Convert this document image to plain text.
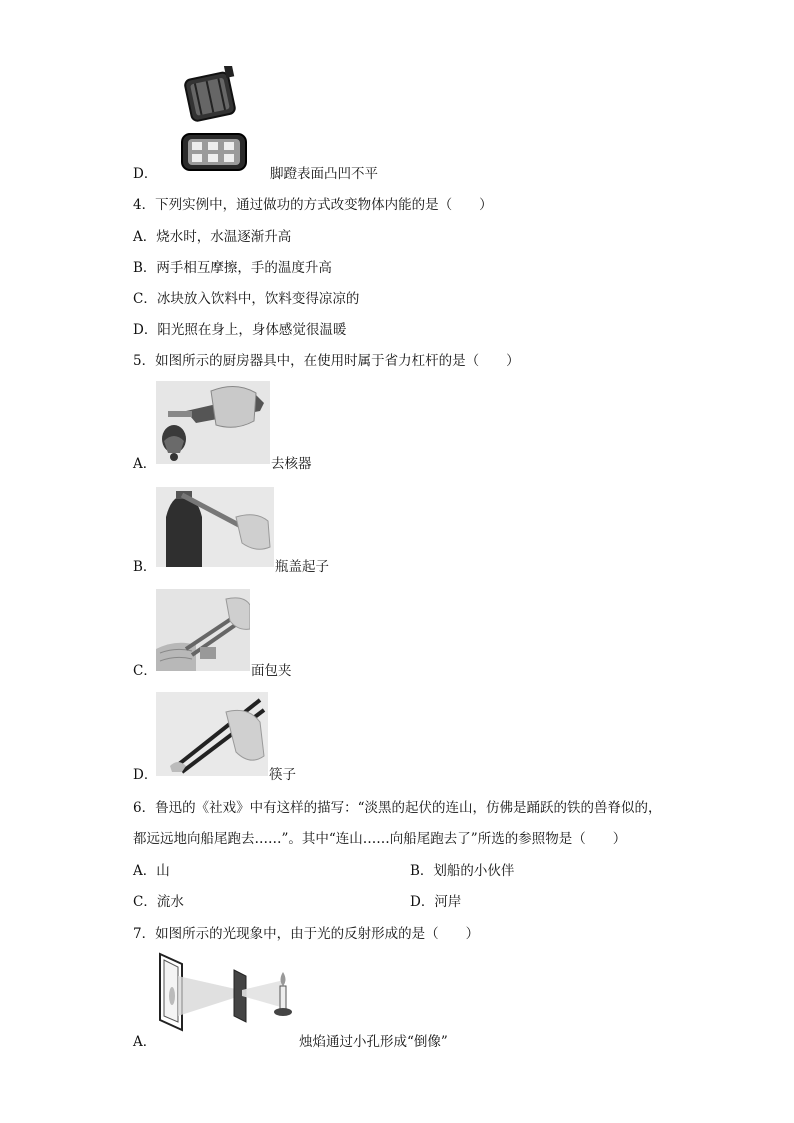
D．	脚蹬表面凸凹不平
4．下列实例中，通过做功的方式改变物体内能的是（　　）
A．烧水时，水温逐渐升高
B．两手相互摩擦，手的温度升高
C．冰块放入饮料中，饮料变得凉凉的
D．阳光照在身上，身体感觉很温暖
5．如图所示的厨房器具中，在使用时属于省力杠杆的是（　　）
A．	去核器
B．	瓶盖起子
C．	面包夹
D．	筷子
6．鲁迅的《社戏》中有这样的描写：“淡黑的起伏的连山，仿佛是踊跃的铁的兽脊似的，
都远远地向船尾跑去……”。其中“连山……向船尾跑去了”所选的参照物是（　　）
A．山	B．划船的小伙伴
C．流水	D．河岸
7．如图所示的光现象中，由于光的反射形成的是（　　）
A．	烛焰通过小孔形成“倒像”
